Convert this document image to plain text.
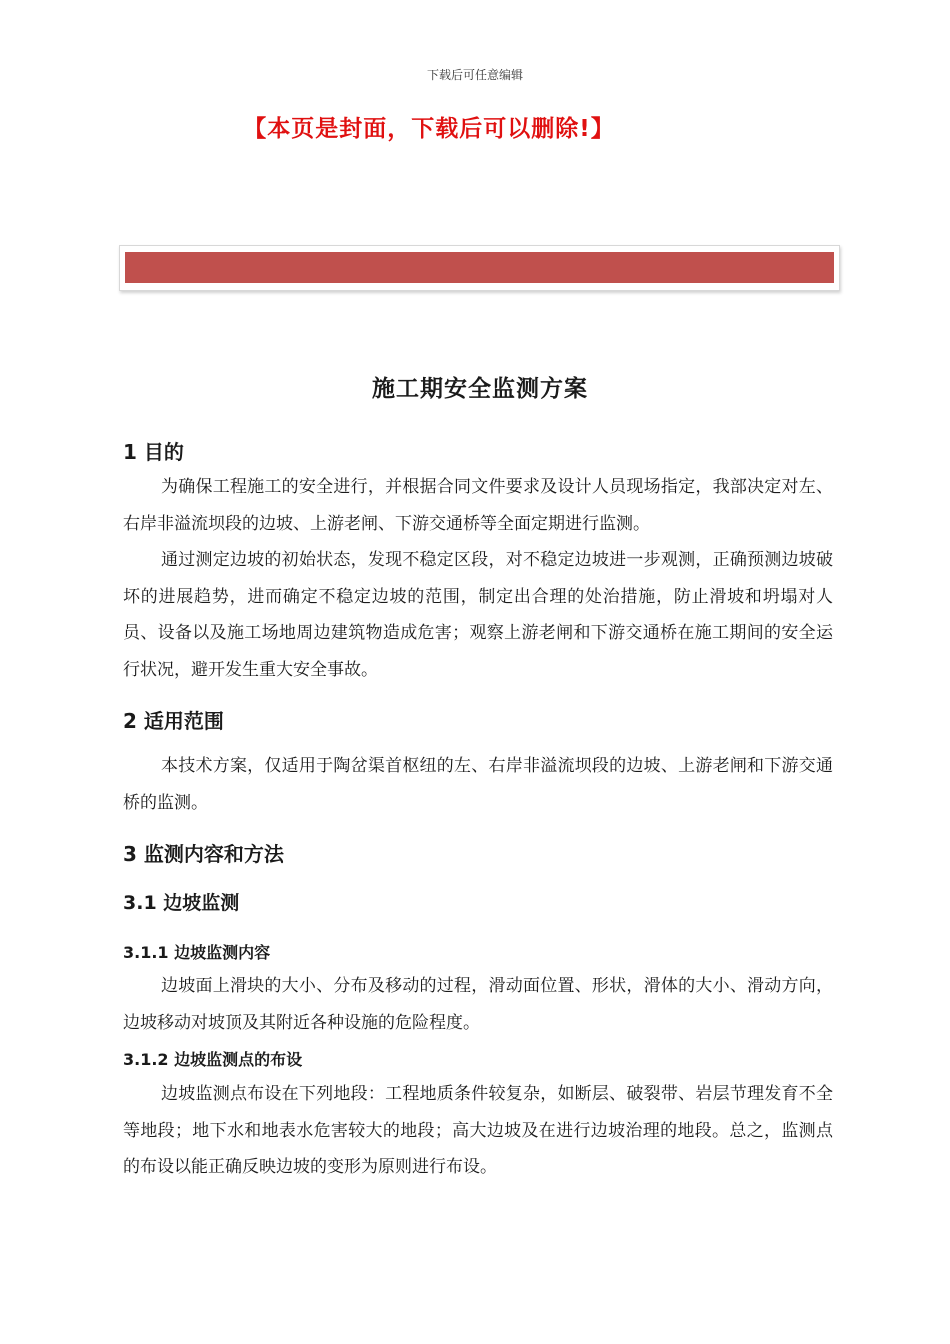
下载后可任意编辑
【本页是封面，下载后可以删除!】
施工期安全监测方案
1 目的

为确保工程施工的安全进行，并根据合同文件要求及设计人员现场指定，我部决定对左、右岸非溢流坝段的边坡、上游老闸、下游交通桥等全面定期进行监测。

通过测定边坡的初始状态，发现不稳定区段，对不稳定边坡进一步观测，正确预测边坡破坏的进展趋势，进而确定不稳定边坡的范围，制定出合理的处治措施，防止滑坡和坍塌对人员、设备以及施工场地周边建筑物造成危害；观察上游老闸和下游交通桥在施工期间的安全运行状况，避开发生重大安全事故。

2 适用范围

本技术方案，仅适用于陶岔渠首枢纽的左、右岸非溢流坝段的边坡、上游老闸和下游交通桥的监测。

3 监测内容和方法
3.1 边坡监测
3.1.1 边坡监测内容

边坡面上滑块的大小、分布及移动的过程，滑动面位置、形状，滑体的大小、滑动方向，边坡移动对坡顶及其附近各种设施的危险程度。

3.1.2 边坡监测点的布设

边坡监测点布设在下列地段：工程地质条件较复杂，如断层、破裂带、岩层节理发育不全等地段；地下水和地表水危害较大的地段；高大边坡及在进行边坡治理的地段。总之，监测点的布设以能正确反映边坡的变形为原则进行布设。
